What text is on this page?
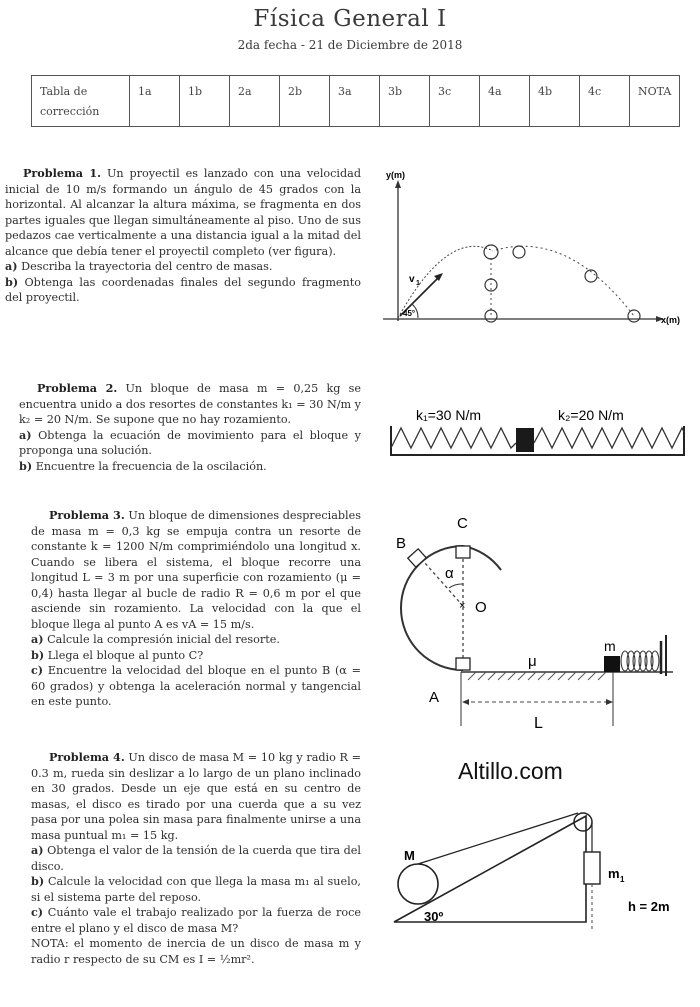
Física General I
2da fecha - 21 de Diciembre de 2018
Tabla de
corrección
	1a	1b	2a	2b	3a	3b	3c	4a	4b	4c	NOTA
Problema 1. Un proyectil es lanzado con una velocidad inicial de 10 m/s formando un ángulo de 45 grados con la horizontal. Al alcanzar la altura máxima, se fragmenta en dos partes iguales que llegan simultáneamente al piso. Uno de sus pedazos cae verticalmente a una distancia igual a la mitad del alcance que debía tener el proyectil completo (ver figura).
a) Describa la trayectoria del centro de masas.
b) Obtenga las coordenadas finales del segundo fragmento del proyectil.
y(m)
x(m)
45°
v 1
Problema 2. Un bloque de masa m = 0,25 kg se encuentra unido a dos resortes de constantes k₁ = 30 N/m y k₂ = 20 N/m. Se supone que no hay rozamiento.
a) Obtenga la ecuación de movimiento para el bloque y proponga una solución.
b) Encuentre la frecuencia de la oscilación.
k₁=30 N/m	k₂=20 N/m
Problema 3. Un bloque de dimensiones despreciables de masa m = 0,3 kg se empuja contra un resorte de constante k = 1200 N/m comprimiéndolo una longitud x. Cuando se libera el sistema, el bloque recorre una longitud L = 3 m por una superficie con rozamiento (μ = 0,4) hasta llegar al bucle de radio R = 0,6 m por el que asciende sin rozamiento. La velocidad con la que el bloque llega al punto A es vA = 15 m/s.
a) Calcule la compresión inicial del resorte.
b) Llega el bloque al punto C?
c) Encuentre la velocidad del bloque en el punto B (α = 60 grados) y obtenga la aceleración normal y tangencial en este punto.
×
C
B
α
O
μ
A
m
L
Problema 4. Un disco de masa M = 10 kg y radio R = 0.3 m, rueda sin deslizar a lo largo de un plano inclinado en 30 grados. Desde un eje que está en su centro de masas, el disco es tirado por una cuerda que a su vez pasa por una polea sin masa para finalmente unirse a una masa puntual m₁ = 15 kg.
a) Obtenga el valor de la tensión de la cuerda que tira del disco.
b) Calcule la velocidad con que llega la masa m₁ al suelo, si el sistema parte del reposo.
c) Cuánto vale el trabajo realizado por la fuerza de roce entre el plano y el disco de masa M?
NOTA: el momento de inercia de un disco de masa m y radio r respecto de su CM es I = ½mr².
Altillo.com
M
m 1
h = 2m
30º
